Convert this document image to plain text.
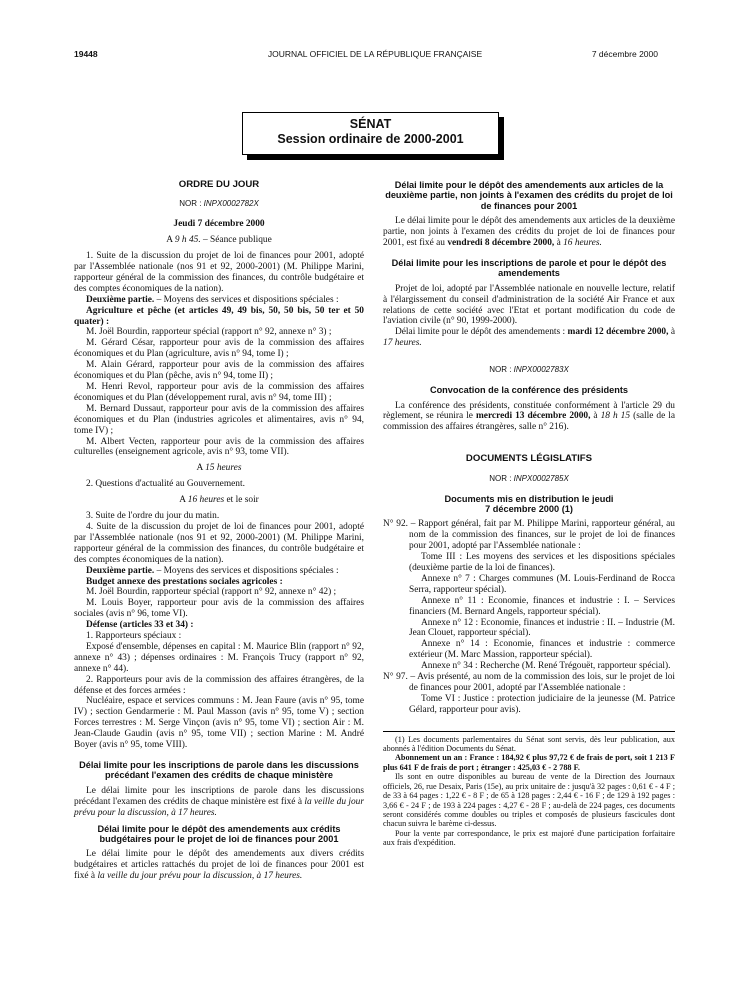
19448	JOURNAL OFFICIEL DE LA RÉPUBLIQUE FRANÇAISE	7 décembre 2000
SÉNAT
Session ordinaire de 2000-2001

ORDRE DU JOUR

NOR : INPX0002782X

Jeudi 7 décembre 2000

A 9 h 45. – Séance publique

1. Suite de la discussion du projet de loi de finances pour 2001, adopté par l'Assemblée nationale (nos 91 et 92, 2000-2001) (M. Philippe Marini, rapporteur général de la commission des finances, du contrôle budgétaire et des comptes économiques de la nation).

Deuxième partie. – Moyens des services et dispositions spéciales :

Agriculture et pêche (et articles 49, 49 bis, 50, 50 bis, 50 ter et 50 quater) :

M. Joël Bourdin, rapporteur spécial (rapport n° 92, annexe n° 3) ;

M. Gérard César, rapporteur pour avis de la commission des affaires économiques et du Plan (agriculture, avis n° 94, tome I) ;

M. Alain Gérard, rapporteur pour avis de la commission des affaires économiques et du Plan (pêche, avis n° 94, tome II) ;

M. Henri Revol, rapporteur pour avis de la commission des affaires économiques et du Plan (développement rural, avis n° 94, tome III) ;

M. Bernard Dussaut, rapporteur pour avis de la commission des affaires économiques et du Plan (industries agricoles et alimentaires, avis n° 94, tome IV) ;

M. Albert Vecten, rapporteur pour avis de la commission des affaires culturelles (enseignement agricole, avis n° 93, tome VII).

A 15 heures

2. Questions d'actualité au Gouvernement.

A 16 heures et le soir

3. Suite de l'ordre du jour du matin.

4. Suite de la discussion du projet de loi de finances pour 2001, adopté par l'Assemblée nationale (nos 91 et 92, 2000-2001) (M. Philippe Marini, rapporteur général de la commission des finances, du contrôle budgétaire et des comptes économiques de la nation).

Deuxième partie. – Moyens des services et dispositions spéciales :

Budget annexe des prestations sociales agricoles :

M. Joël Bourdin, rapporteur spécial (rapport n° 92, annexe n° 42) ;

M. Louis Boyer, rapporteur pour avis de la commission des affaires sociales (avis n° 96, tome VI).

Défense (articles 33 et 34) :

1. Rapporteurs spéciaux :

Exposé d'ensemble, dépenses en capital : M. Maurice Blin (rapport n° 92, annexe n° 43) ; dépenses ordinaires : M. François Trucy (rapport n° 92, annexe n° 44).

2. Rapporteurs pour avis de la commission des affaires étrangères, de la défense et des forces armées :

Nucléaire, espace et services communs : M. Jean Faure (avis n° 95, tome IV) ; section Gendarmerie : M. Paul Masson (avis n° 95, tome V) ; section Forces terrestres : M. Serge Vinçon (avis n° 95, tome VI) ; section Air : M. Jean-Claude Gaudin (avis n° 95, tome VII) ; section Marine : M. André Boyer (avis n° 95, tome VIII).

Délai limite pour les inscriptions de parole dans les discussions précédant l'examen des crédits de chaque ministère

Le délai limite pour les inscriptions de parole dans les discussions précédant l'examen des crédits de chaque ministère est fixé à la veille du jour prévu pour la discussion, à 17 heures.

Délai limite pour le dépôt des amendements aux crédits budgétaires pour le projet de loi de finances pour 2001

Le délai limite pour le dépôt des amendements aux divers crédits budgétaires et articles rattachés du projet de loi de finances pour 2001 est fixé à la veille du jour prévu pour la discussion, à 17 heures.

Délai limite pour le dépôt des amendements aux articles de la deuxième partie, non joints à l'examen des crédits du projet de loi de finances pour 2001

Le délai limite pour le dépôt des amendements aux articles de la deuxième partie, non joints à l'examen des crédits du projet de loi de finances pour 2001, est fixé au vendredi 8 décembre 2000, à 16 heures.

Délai limite pour les inscriptions de parole et pour le dépôt des amendements

Projet de loi, adopté par l'Assemblée nationale en nouvelle lecture, relatif à l'élargissement du conseil d'administration de la société Air France et aux relations de cette société avec l'Etat et portant modification du code de l'aviation civile (n° 90, 1999-2000).

Délai limite pour le dépôt des amendements : mardi 12 décembre 2000, à 17 heures.

NOR : INPX0002783X

Convocation de la conférence des présidents

La conférence des présidents, constituée conformément à l'article 29 du règlement, se réunira le mercredi 13 décembre 2000, à 18 h 15 (salle de la commission des affaires étrangères, salle n° 216).

DOCUMENTS LÉGISLATIFS

NOR : INPX0002785X

Documents mis en distribution le jeudi 7 décembre 2000 (1)

N° 92. – Rapport général, fait par M. Philippe Marini, rapporteur général, au nom de la commission des finances, sur le projet de loi de finances pour 2001, adopté par l'Assemblée nationale :

Tome III : Les moyens des services et les dispositions spéciales (deuxième partie de la loi de finances).

Annexe n° 7 : Charges communes (M. Louis-Ferdinand de Rocca Serra, rapporteur spécial).

Annexe n° 11 : Economie, finances et industrie : I. – Services financiers (M. Bernard Angels, rapporteur spécial).

Annexe n° 12 : Economie, finances et industrie : II. – Industrie (M. Jean Clouet, rapporteur spécial).

Annexe n° 14 : Economie, finances et industrie : commerce extérieur (M. Marc Massion, rapporteur spécial).

Annexe n° 34 : Recherche (M. René Trégouët, rapporteur spécial).

N° 97. – Avis présenté, au nom de la commission des lois, sur le projet de loi de finances pour 2001, adopté par l'Assemblée nationale :

Tome VI : Justice : protection judiciaire de la jeunesse (M. Patrice Gélard, rapporteur pour avis).

(1) Les documents parlementaires du Sénat sont servis, dès leur publication, aux abonnés à l'édition Documents du Sénat.

Abonnement un an : France : 184,92 € plus 97,72 € de frais de port, soit 1 213 F plus 641 F de frais de port ; étranger : 425,03 € - 2 788 F.

Ils sont en outre disponibles au bureau de vente de la Direction des Journaux officiels, 26, rue Desaix, Paris (15e), au prix unitaire de : jusqu'à 32 pages : 0,61 € - 4 F ; de 33 à 64 pages : 1,22 € - 8 F ; de 65 à 128 pages : 2,44 € - 16 F ; de 129 à 192 pages : 3,66 € - 24 F ; de 193 à 224 pages : 4,27 € - 28 F ; au-delà de 224 pages, ces documents seront considérés comme doubles ou triples et composés de plusieurs fascicules dont chacun suivra le barème ci-dessus.

Pour la vente par correspondance, le prix est majoré d'une participation forfaitaire aux frais d'expédition.
